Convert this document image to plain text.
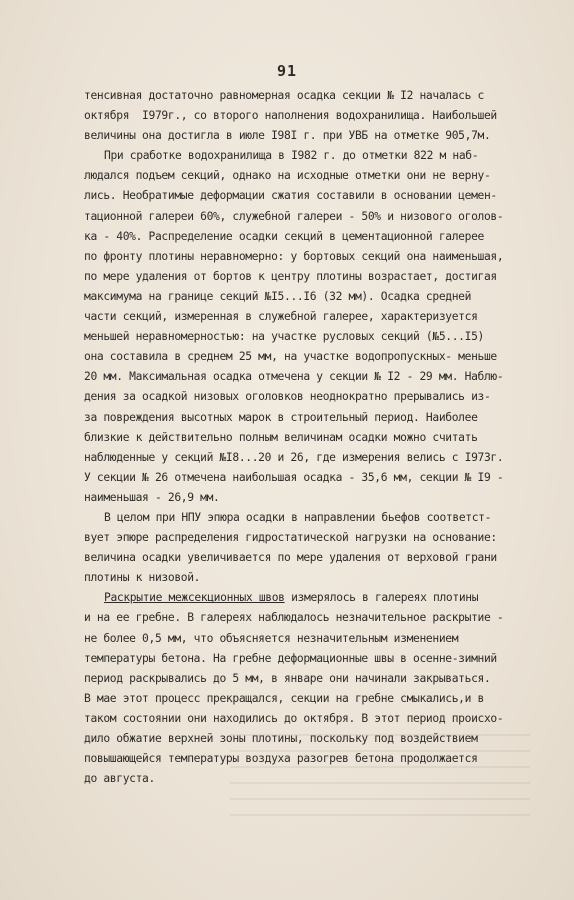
91
тенсивная достаточно равномерная осадка секции № I2 началась с
октября  I979г., со второго наполнения водохранилища. Наибольшей
величины она достигла в июле I98I г. при УВБ на отметке 905,7м.
При сработке водохранилища в I982 г. до отметки 822 м наб-
людался подъем секций, однако на исходные отметки они не верну-
лись. Необратимые деформации сжатия составили в основании цемен-
тационной галереи 60%, служебной галереи - 50% и низового оголов-
ка - 40%. Распределение осадки секций в цементационной галерее
по фронту плотины неравномерно: у бортовых секций она наименьшая,
по мере удаления от бортов к центру плотины возрастает, достигая
максимума на границе секций №I5...I6 (32 мм). Осадка средней
части секций, измеренная в служебной галерее, характеризуется
меньшей неравномерностью: на участке русловых секций (№5...I5)
она составила в среднем 25 мм, на участке водопропускных- меньше
20 мм. Максимальная осадка отмечена у секции № I2 - 29 мм. Наблю-
дения за осадкой низовых оголовков неоднократно прерывались из-
за повреждения высотных марок в строительный период. Наиболее
близкие к действительно полным величинам осадки можно считать
наблюденные у секций №I8...20 и 26, где измерения велись с I973г.
У секции № 26 отмечена наибольшая осадка - 35,6 мм, секции № I9 -
наименьшая - 26,9 мм.
В целом при НПУ эпюра осадки в направлении бьефов соответст-
вует эпюре распределения гидростатической нагрузки на основание:
величина осадки увеличивается по мере удаления от верховой грани
плотины к низовой.
Раскрытие межсекционных швов измерялось в галереях плотины
и на ее гребне. В галереях наблюдалось незначительное раскрытие -
не более 0,5 мм, что объясняется незначительным изменением
температуры бетона. На гребне деформационные швы в осенне-зимний
период раскрывались до 5 мм, в январе они начинали закрываться.
В мае этот процесс прекращался, секции на гребне смыкались,и в
таком состоянии они находились до октября. В этот период происхо-
дило обжатие верхней зоны плотины, поскольку под воздействием
повышающейся температуры воздуха разогрев бетона продолжается
до августа.
